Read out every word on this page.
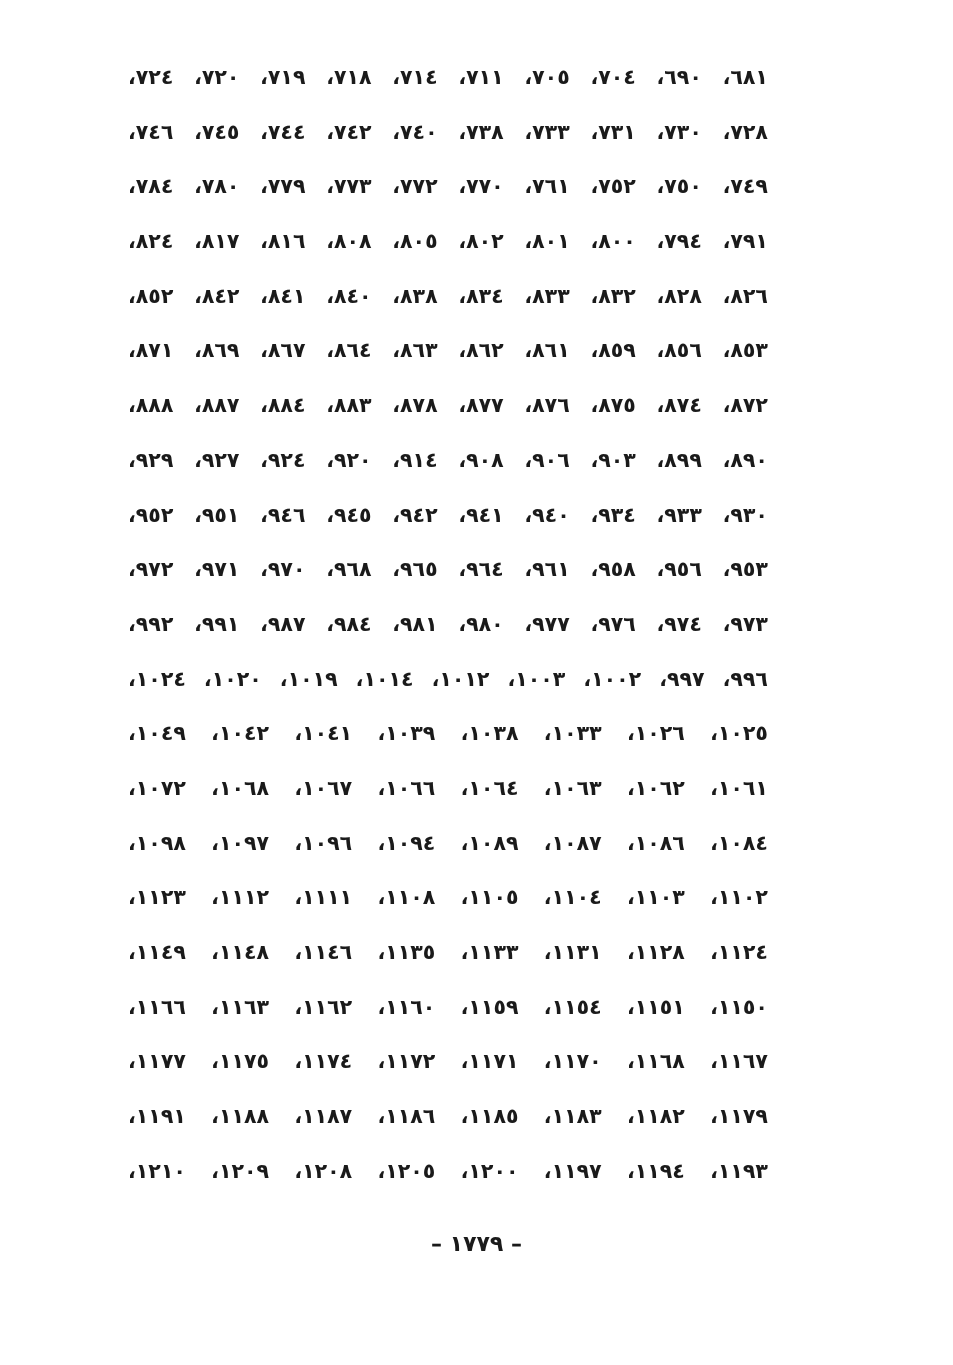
٦٨١، ٦٩٠، ٧٠٤، ٧٠٥، ٧١١، ٧١٤، ٧١٨، ٧١٩، ٧٢٠، ٧٢٤،
٧٢٨، ٧٣٠، ٧٣١، ٧٣٣، ٧٣٨، ٧٤٠، ٧٤٢، ٧٤٤، ٧٤٥، ٧٤٦،
٧٤٩، ٧٥٠، ٧٥٢، ٧٦١، ٧٧٠، ٧٧٢، ٧٧٣، ٧٧٩، ٧٨٠، ٧٨٤،
٧٩١، ٧٩٤، ٨٠٠، ٨٠١، ٨٠٢، ٨٠٥، ٨٠٨، ٨١٦، ٨١٧، ٨٢٤،
٨٢٦، ٨٢٨، ٨٣٢، ٨٣٣، ٨٣٤، ٨٣٨، ٨٤٠، ٨٤١، ٨٤٢، ٨٥٢،
٨٥٣، ٨٥٦، ٨٥٩، ٨٦١، ٨٦٢، ٨٦٣، ٨٦٤، ٨٦٧، ٨٦٩، ٨٧١،
٨٧٢، ٨٧٤، ٨٧٥، ٨٧٦، ٨٧٧، ٨٧٨، ٨٨٣، ٨٨٤، ٨٨٧، ٨٨٨،
٨٩٠، ٨٩٩، ٩٠٣، ٩٠٦، ٩٠٨، ٩١٤، ٩٢٠، ٩٢٤، ٩٢٧، ٩٢٩،
٩٣٠، ٩٣٣، ٩٣٤، ٩٤٠، ٩٤١، ٩٤٢، ٩٤٥، ٩٤٦، ٩٥١، ٩٥٢،
٩٥٣، ٩٥٦، ٩٥٨، ٩٦١، ٩٦٤، ٩٦٥، ٩٦٨، ٩٧٠، ٩٧١، ٩٧٢،
٩٧٣، ٩٧٤، ٩٧٦، ٩٧٧، ٩٨٠، ٩٨١، ٩٨٤، ٩٨٧، ٩٩١، ٩٩٢،
٩٩٦، ٩٩٧، ١٠٠٢، ١٠٠٣، ١٠١٢، ١٠١٤، ١٠١٩، ١٠٢٠، ١٠٢٤،
١٠٢٥، ١٠٢٦، ١٠٣٣، ١٠٣٨، ١٠٣٩، ١٠٤١، ١٠٤٢، ١٠٤٩،
١٠٦١، ١٠٦٢، ١٠٦٣، ١٠٦٤، ١٠٦٦، ١٠٦٧، ١٠٦٨، ١٠٧٢،
١٠٨٤، ١٠٨٦، ١٠٨٧، ١٠٨٩، ١٠٩٤، ١٠٩٦، ١٠٩٧، ١٠٩٨،
١١٠٢، ١١٠٣، ١١٠٤، ١١٠٥، ١١٠٨، ١١١١، ١١١٢، ١١٢٣،
١١٢٤، ١١٢٨، ١١٣١، ١١٣٣، ١١٣٥، ١١٤٦، ١١٤٨، ١١٤٩،
١١٥٠، ١١٥١، ١١٥٤، ١١٥٩، ١١٦٠، ١١٦٢، ١١٦٣، ١١٦٦،
١١٦٧، ١١٦٨، ١١٧٠، ١١٧١، ١١٧٢، ١١٧٤، ١١٧٥، ١١٧٧،
١١٧٩، ١١٨٢، ١١٨٣، ١١٨٥، ١١٨٦، ١١٨٧، ١١٨٨، ١١٩١،
١١٩٣، ١١٩٤، ١١٩٧، ١٢٠٠، ١٢٠٥، ١٢٠٨، ١٢٠٩، ١٢١٠،
– ١٧٧٩ –
